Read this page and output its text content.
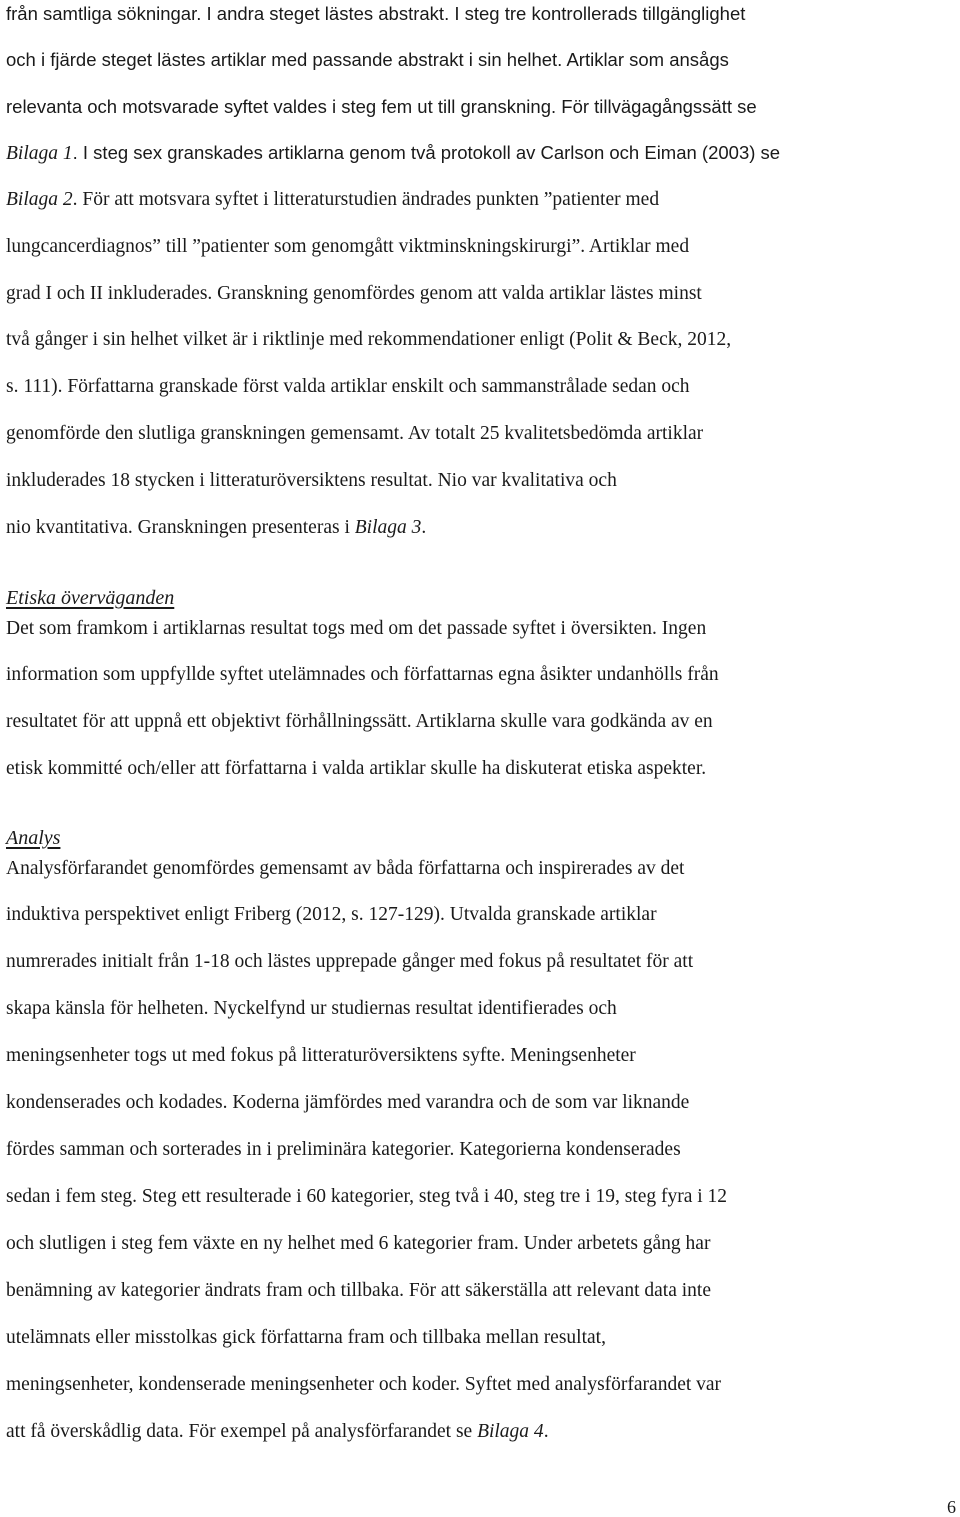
från samtliga sökningar. I andra steget lästes abstrakt. I steg tre kontrollerads tillgänglighet
och i fjärde steget lästes artiklar med passande abstrakt i sin helhet. Artiklar som ansågs
relevanta och motsvarade syftet valdes i steg fem ut till granskning. För tillvägagångssätt se
Bilaga 1. I steg sex granskades artiklarna genom två protokoll av Carlson och Eiman (2003) se
Bilaga 2. För att motsvara syftet i litteraturstudien ändrades punkten ”patienter med
lungcancerdiagnos” till ”patienter som genomgått viktminskningskirurgi”. Artiklar med
grad I och II inkluderades. Granskning genomfördes genom att valda artiklar lästes minst
två gånger i sin helhet vilket är i riktlinje med rekommendationer enligt (Polit & Beck, 2012,
s. 111). Författarna granskade först valda artiklar enskilt och sammanstrålade sedan och
genomförde den slutliga granskningen gemensamt. Av totalt 25 kvalitetsbedömda artiklar
inkluderades 18 stycken i litteraturöversiktens resultat. Nio var kvalitativa och
nio kvantitativa. Granskningen presenteras i Bilaga 3.
Etiska överväganden
Det som framkom i artiklarnas resultat togs med om det passade syftet i översikten. Ingen
information som uppfyllde syftet utelämnades och författarnas egna åsikter undanhölls från
resultatet för att uppnå ett objektivt förhållningssätt. Artiklarna skulle vara godkända av en
etisk kommitté och/eller att författarna i valda artiklar skulle ha diskuterat etiska aspekter.
Analys
Analysförfarandet genomfördes gemensamt av båda författarna och inspirerades av det
induktiva perspektivet enligt Friberg (2012, s. 127-129). Utvalda granskade artiklar
numrerades initialt från 1-18 och lästes upprepade gånger med fokus på resultatet för att
skapa känsla för helheten. Nyckelfynd ur studiernas resultat identifierades och
meningsenheter togs ut med fokus på litteraturöversiktens syfte. Meningsenheter
kondenserades och kodades. Koderna jämfördes med varandra och de som var liknande
fördes samman och sorterades in i preliminära kategorier. Kategorierna kondenserades
sedan i fem steg. Steg ett resulterade i 60 kategorier, steg två i 40, steg tre i 19, steg fyra i 12
och slutligen i steg fem växte en ny helhet med 6 kategorier fram. Under arbetets gång har
benämning av kategorier ändrats fram och tillbaka. För att säkerställa att relevant data inte
utelämnats eller misstolkas gick författarna fram och tillbaka mellan resultat,
meningsenheter, kondenserade meningsenheter och koder. Syftet med analysförfarandet var
att få överskådlig data. För exempel på analysförfarandet se Bilaga 4.
6
